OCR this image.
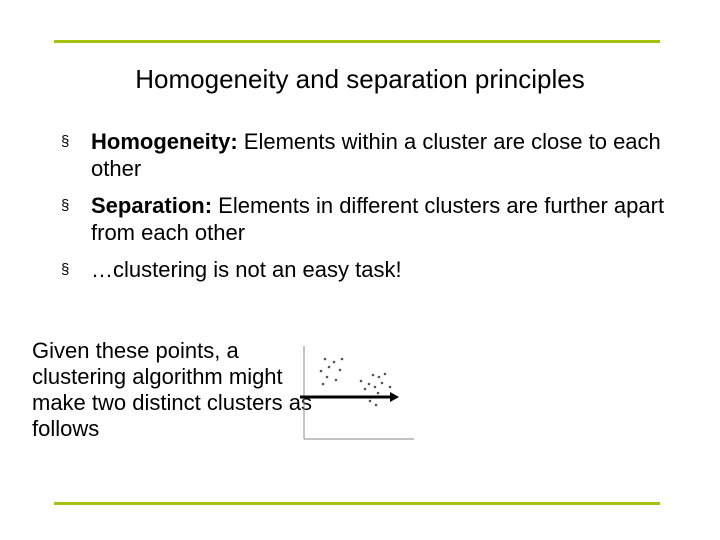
Homogeneity and separation principles
§ Homogeneity: Elements within a cluster are close to each other
§ Separation: Elements in different clusters are further apart from each other
§ …clustering is not an easy task!
Given these points, a clustering algorithm might make two distinct clusters as follows
